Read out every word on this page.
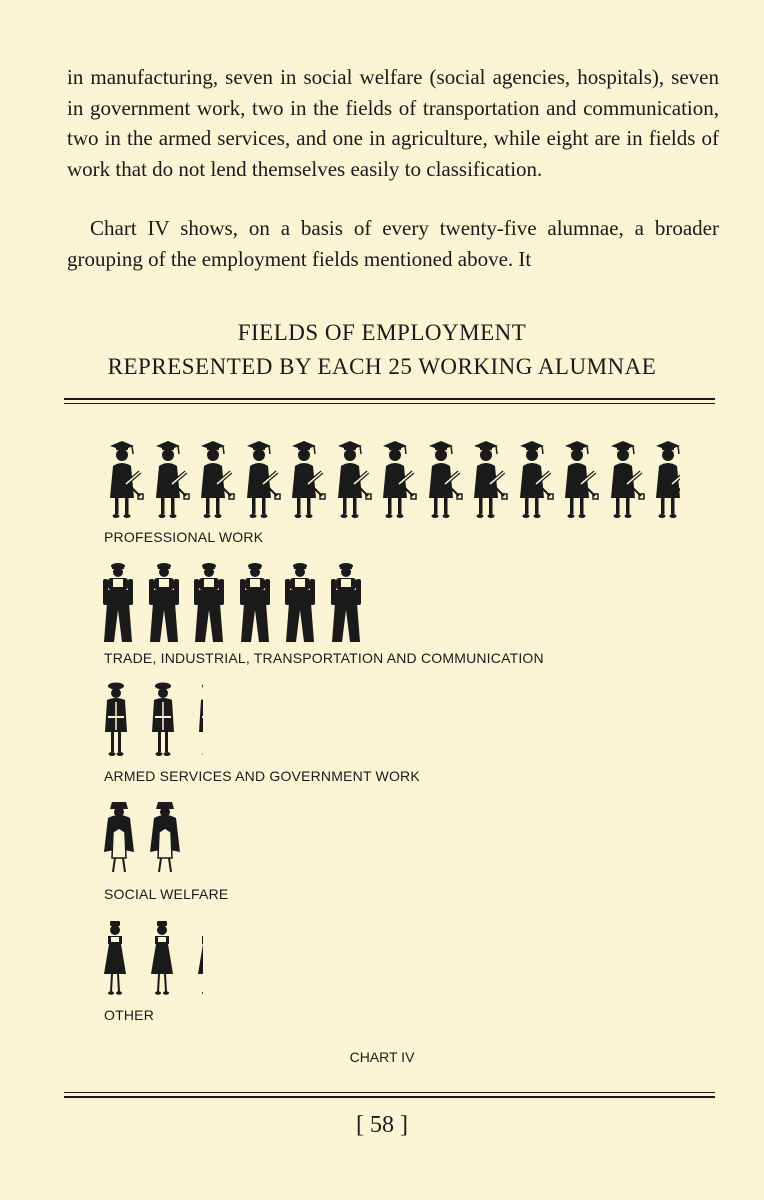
in manufacturing, seven in social welfare (social agencies, hospitals), seven in government work, two in the fields of transportation and communication, two in the armed services, and one in agriculture, while eight are in fields of work that do not lend themselves easily to classification.

Chart IV shows, on a basis of every twenty-five alumnae, a broader grouping of the employment fields mentioned above. It

FIELDS OF EMPLOYMENT
REPRESENTED BY EACH 25 WORKING ALUMNAE
PROFESSIONAL WORK
TRADE, INDUSTRIAL, TRANSPORTATION AND COMMUNICATION
ARMED SERVICES AND GOVERNMENT WORK
SOCIAL WELFARE
OTHER
CHART IV
[ 58 ]
